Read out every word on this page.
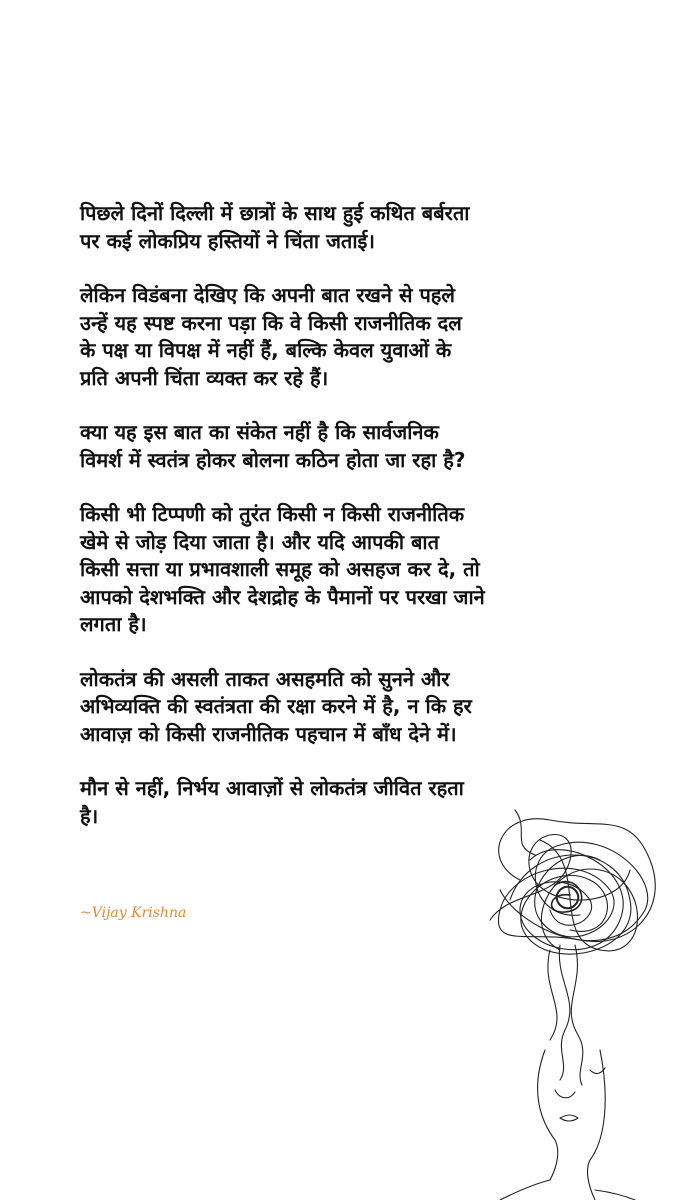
पिछले दिनों दिल्ली में छात्रों के साथ हुई कथित बर्बरता
पर कई लोकप्रिय हस्तियों ने चिंता जताई।

लेकिन विडंबना देखिए कि अपनी बात रखने से पहले
उन्हें यह स्पष्ट करना पड़ा कि वे किसी राजनीतिक दल
के पक्ष या विपक्ष में नहीं हैं, बल्कि केवल युवाओं के
प्रति अपनी चिंता व्यक्त कर रहे हैं।

क्या यह इस बात का संकेत नहीं है कि सार्वजनिक
विमर्श में स्वतंत्र होकर बोलना कठिन होता जा रहा है?

किसी भी टिप्पणी को तुरंत किसी न किसी राजनीतिक
खेमे से जोड़ दिया जाता है। और यदि आपकी बात
किसी सत्ता या प्रभावशाली समूह को असहज कर दे, तो
आपको देशभक्ति और देशद्रोह के पैमानों पर परखा जाने
लगता है।

लोकतंत्र की असली ताकत असहमति को सुनने और
अभिव्यक्ति की स्वतंत्रता की रक्षा करने में है, न कि हर
आवाज़ को किसी राजनीतिक पहचान में बाँध देने में।

मौन से नहीं, निर्भय आवाज़ों से लोकतंत्र जीवित रहता
है।

~Vijay Krishna
